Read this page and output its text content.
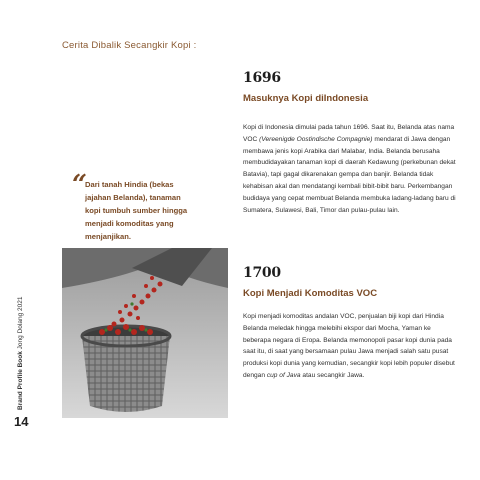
Cerita Dibalik Secangkir Kopi :
“
Dari tanah Hindia (bekas jajahan Belanda), tanaman kopi tumbuh sumber hingga menjadi komoditas yang menjanjikan.
1696
Masuknya Kopi diIndonesia
Kopi di Indonesia dimulai pada tahun 1696. Saat itu, Belanda atas nama VOC (Vereenigde Oostindische Compagnie) mendarat di Jawa dengan membawa jenis kopi Arabika dari Malabar, India. Belanda berusaha membudidayakan tanaman kopi di daerah Kedawung (perkebunan dekat Batavia), tapi gagal dikarenakan gempa dan banjir. Belanda tidak kehabisan akal dan mendatangi kembali bibit-bibit baru. Perkembangan budidaya yang cepat membuat Belanda membuka ladang-ladang baru di Sumatera, Sulawesi, Bali, Timor dan pulau-pulau lain.
1700
Kopi Menjadi Komoditas VOC
Kopi menjadi komoditas andalan VOC, penjualan biji kopi dari Hindia Belanda meledak hingga melebihi ekspor dari Mocha, Yaman ke beberapa negara di Eropa. Belanda memonopoli pasar kopi dunia pada saat itu, di saat yang bersamaan pulau Jawa menjadi salah satu pusat produksi kopi dunia yang kemudian, secangkir kopi lebih populer disebut dengan cup of Java atau secangkir Jawa.
Brand Profile Book Jong Dolang 2021
14
